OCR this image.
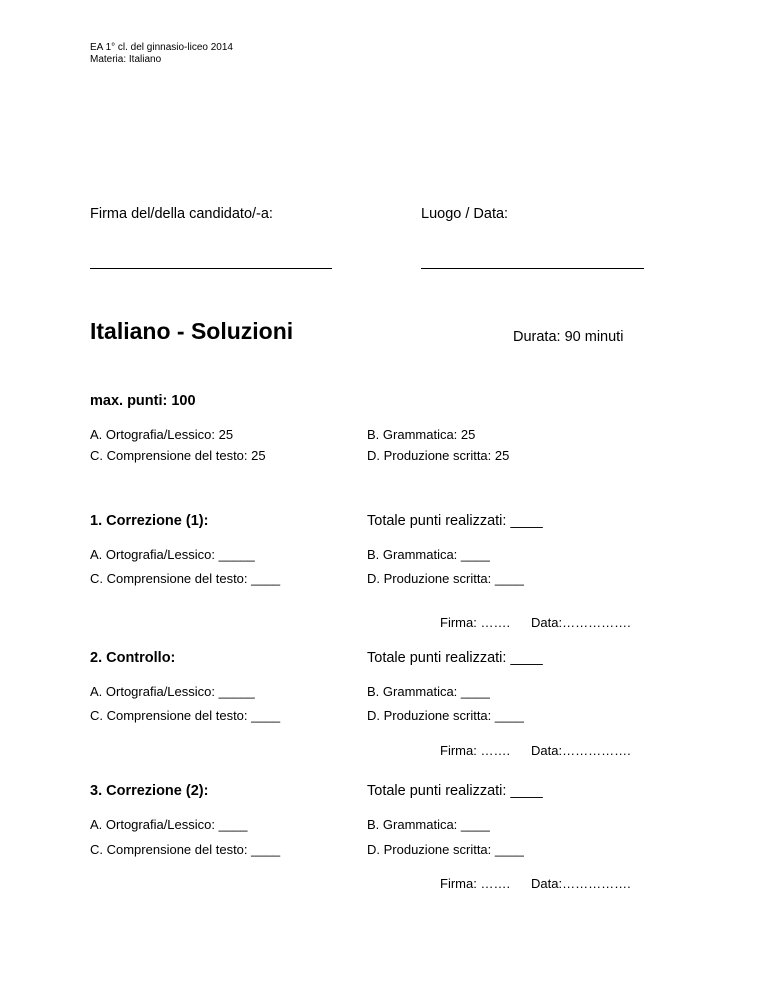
EA 1° cl. del ginnasio-liceo 2014
Materia: Italiano
Firma del/della candidato/-a:	Luogo / Data:
Italiano - Soluzioni	Durata: 90 minuti
max. punti: 100
A. Ortografia/Lessico: 25	B. Grammatica: 25
C. Comprensione del testo: 25	D. Produzione scritta: 25
1. Correzione (1):	Totale punti realizzati: ____
A. Ortografia/Lessico: _____	B. Grammatica: ____
C. Comprensione del testo: ____	D. Produzione scritta: ____
Firma: ……. Data:…………….
2. Controllo:	Totale punti realizzati: ____
A. Ortografia/Lessico: _____	B. Grammatica: ____
C. Comprensione del testo: ____	D. Produzione scritta: ____
Firma: ……. Data:…………….
3. Correzione (2):	Totale punti realizzati: ____
A. Ortografia/Lessico: ____	B. Grammatica: ____
C. Comprensione del testo: ____	D. Produzione scritta: ____
Firma: ……. Data:…………….
